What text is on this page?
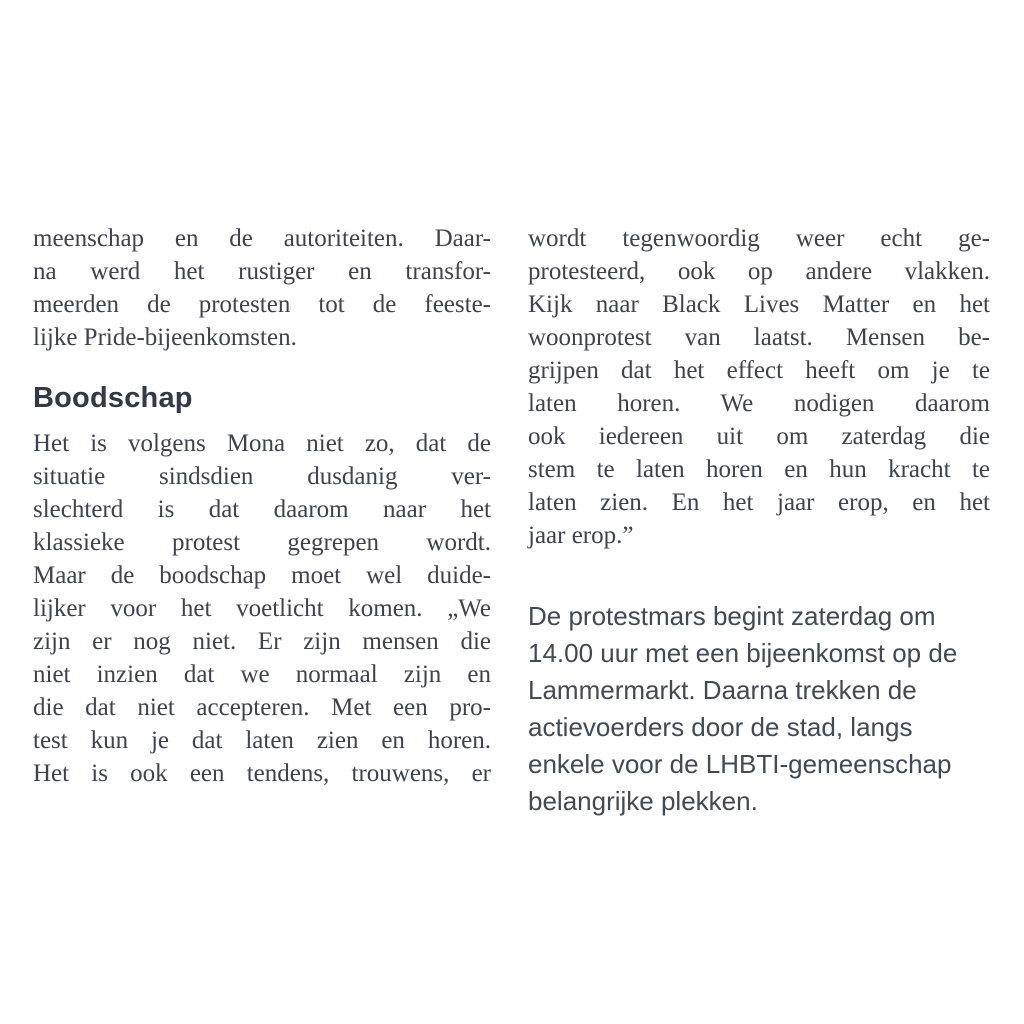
meenschap en de autoriteiten. Daar-
na werd het rustiger en transfor-
meerden de protesten tot de feeste-
lijke Pride-bijeenkomsten.
Boodschap
Het is volgens Mona niet zo, dat de
situatie sindsdien dusdanig ver-
slechterd is dat daarom naar het
klassieke protest gegrepen wordt.
Maar de boodschap moet wel duide-
lijker voor het voetlicht komen. „We
zijn er nog niet. Er zijn mensen die
niet inzien dat we normaal zijn en
die dat niet accepteren. Met een pro-
test kun je dat laten zien en horen.
Het is ook een tendens, trouwens, er
wordt tegenwoordig weer echt ge-
protesteerd, ook op andere vlakken.
Kijk naar Black Lives Matter en het
woonprotest van laatst. Mensen be-
grijpen dat het effect heeft om je te
laten horen. We nodigen daarom
ook iedereen uit om zaterdag die
stem te laten horen en hun kracht te
laten zien. En het jaar erop, en het
jaar erop.”
De protestmars begint zaterdag om
14.00 uur met een bijeenkomst op de
Lammermarkt. Daarna trekken de
actievoerders door de stad, langs
enkele voor de LHBTI-gemeenschap
belangrijke plekken.
